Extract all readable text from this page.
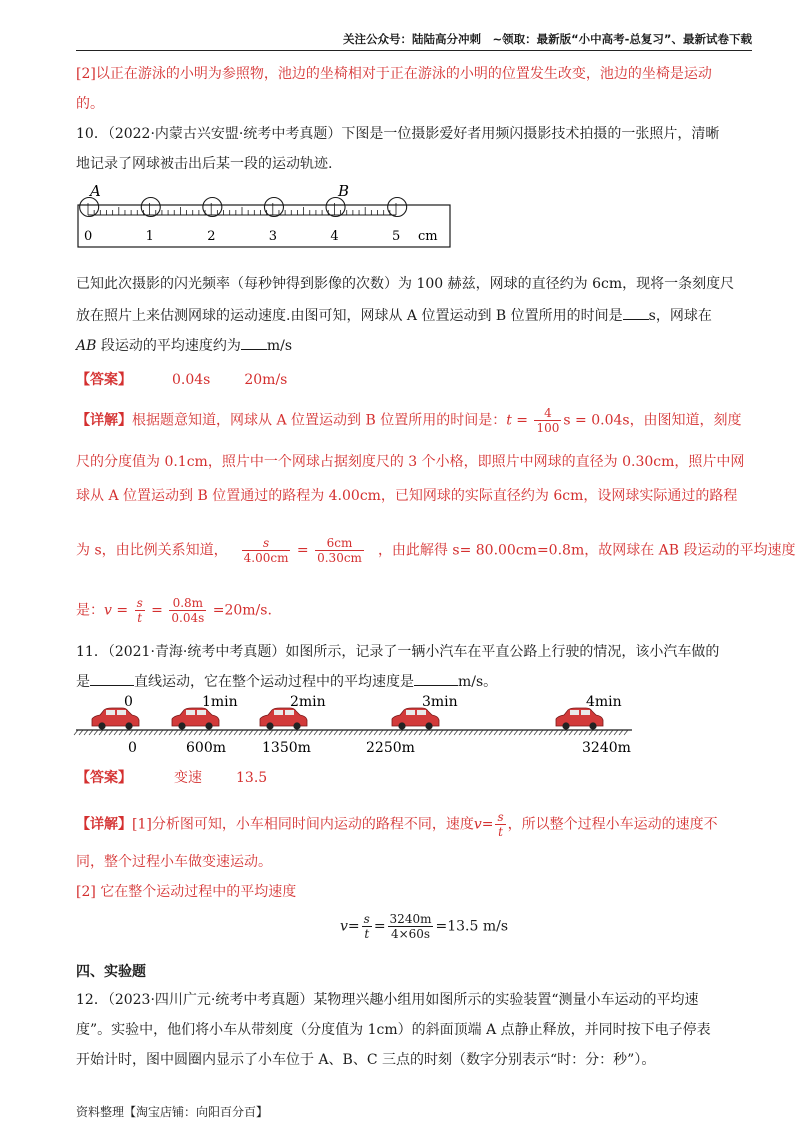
关注公众号：陆陆高分冲刺　~领取：最新版“小中高考-总复习”、最新试卷下载
[2]以正在游泳的小明为参照物，池边的坐椅相对于正在游泳的小明的位置发生改变，池边的坐椅是运动
的。
10．（2022·内蒙古兴安盟·统考中考真题）下图是一位摄影爱好者用频闪摄影技术拍摄的一张照片，清晰
地记录了网球被击出后某一段的运动轨迹.
A	B
0	1	2	3	4	5 cm
已知此次摄影的闪光频率（每秒钟得到影像的次数）为 100 赫兹，网球的直径约为 6cm，现将一条刻度尺
放在照片上来估测网球的运动速度.由图可知，网球从 A 位置运动到 B 位置所用的时间是 s，网球在
AB 段运动的平均速度约为 m/s
【答案】	0.04s 20m/s
【详解】根据题意知道，网球从 A 位置运动到 B 位置所用的时间是：$t = \frac{4}{100}$ s = 0.04s，由图知道，刻度
尺的分度值为 0.1cm，照片中一个网球占据刻度尺的 3 个小格，即照片中网球的直径为 0.30cm，照片中网
球从 A 位置运动到 B 位置通过的路程为 4.00cm，已知网球的实际直径约为 6cm，设网球实际通过的路程
为 s，由比例关系知道， $\frac{s}{4.00cm} = \frac{6cm}{0.30cm}$ ，由此解得 s= 80.00cm=0.8m，故网球在 AB 段运动的平均速度
是：$v = \frac{s}{t} = \frac{0.8m}{0.04s} =20m/s$.
11．（2021·青海·统考中考真题）如图所示，记录了一辆小汽车在平直公路上行驶的情况，该小汽车做的
是	直线运动，它在整个运动过程中的平均速度是	m/s。
0	1min	2min	3min	4min
0	600m	1350m	2250m	3240m
【答案】	变速 13.5
【详解】[1]分析图可知，小车相同时间内运动的路程不同，速度$v= \frac{s}{t}$ ，所以整个过程小车运动的速度不
同，整个过程小车做变速运动。
[2] 它在整个运动过程中的平均速度
$v= \frac{s}{t} = \frac{3240m}{4\times 60s} =13.5$ m/s
四、实验题
12．（2023·四川广元·统考中考真题）某物理兴趣小组用如图所示的实验装置“测量小车运动的平均速
度”。实验中，他们将小车从带刻度（分度值为 1cm）的斜面顶端 A 点静止释放，并同时按下电子停表
开始计时，图中圆圈内显示了小车位于 A、B、C 三点的时刻（数字分别表示“时：分：秒”）。
资料整理【淘宝店铺：向阳百分百】
